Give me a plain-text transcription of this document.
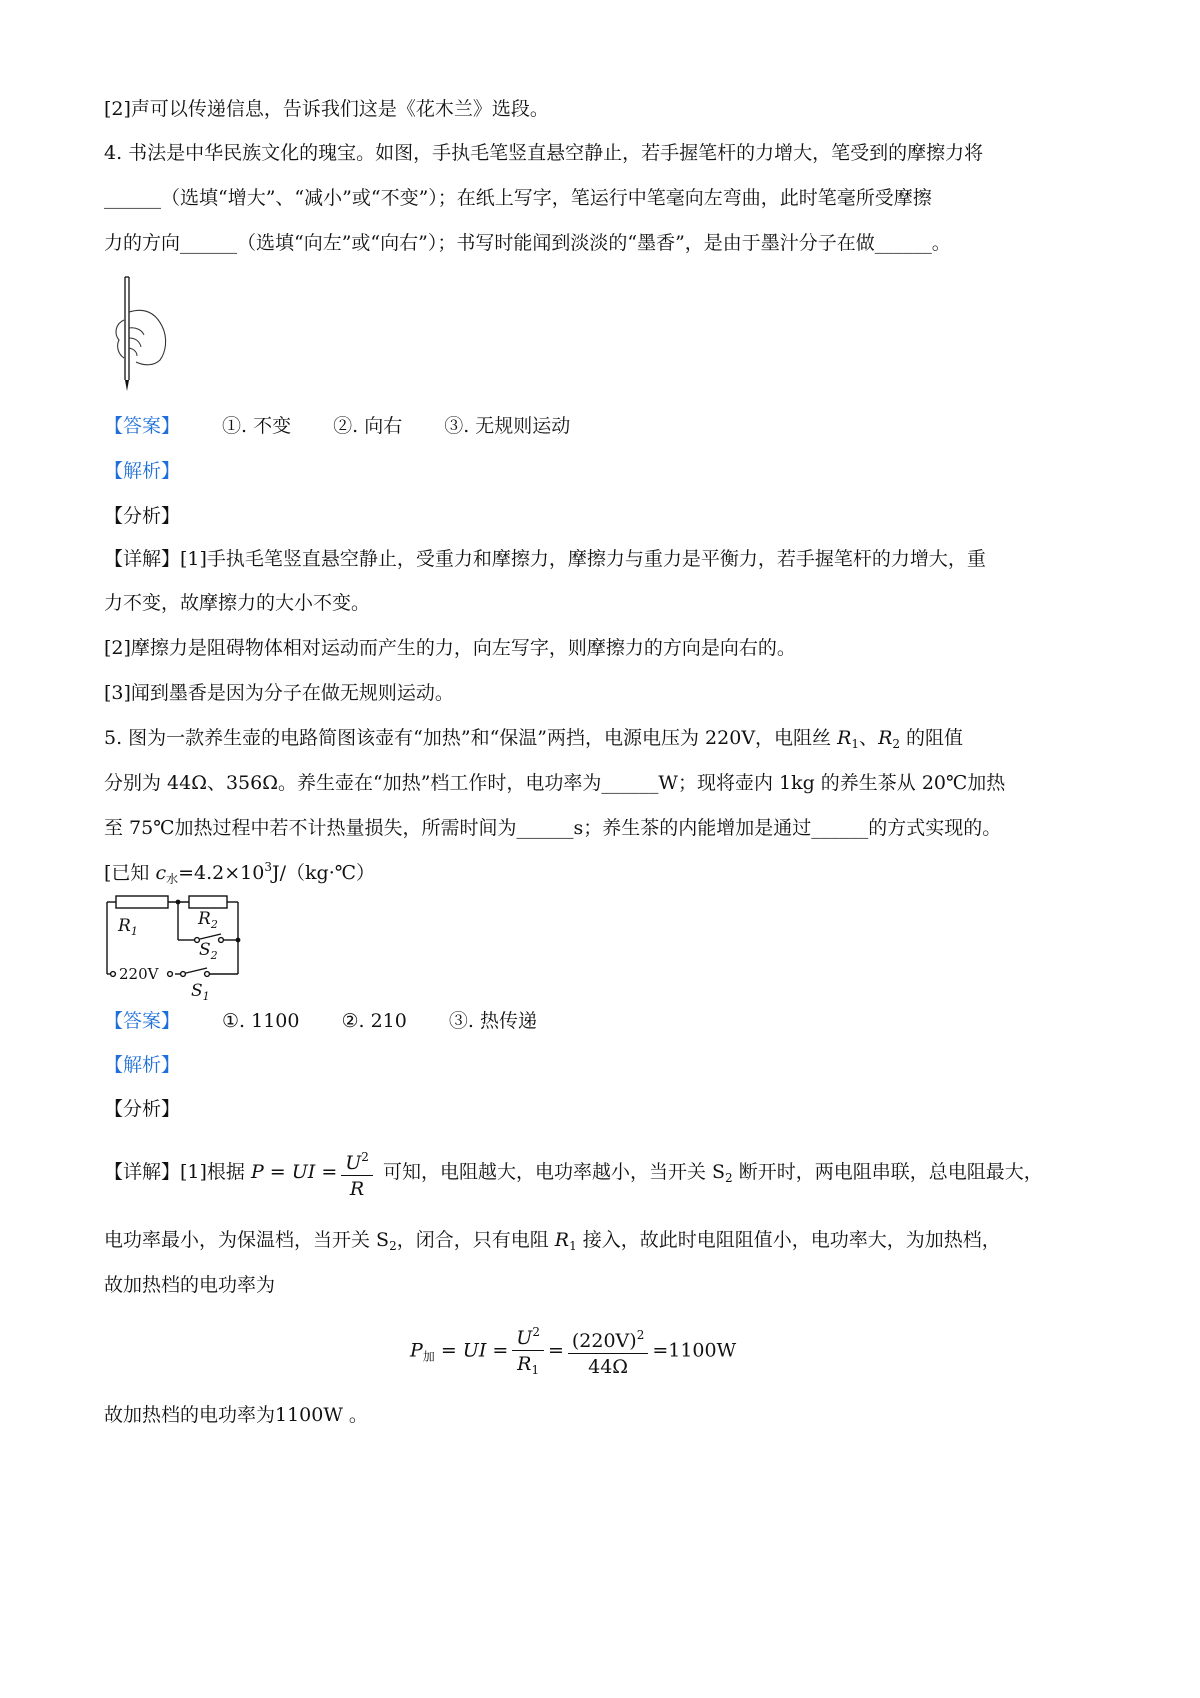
[2]声可以传递信息，告诉我们这是《花木兰》选段。
4. 书法是中华民族文化的瑰宝。如图，手执毛笔竖直悬空静止，若手握笔杆的力增大，笔受到的摩擦力将
______（选填“增大”、“减小”或“不变”）；在纸上写字，笔运行中笔毫向左弯曲，此时笔毫所受摩擦
力的方向______（选填“向左”或“向右”）；书写时能闻到淡淡的“墨香”，是由于墨汁分子在做______。
【答案】 ①. 不变 ②. 向右 ③. 无规则运动
【解析】
【分析】
【详解】[1]手执毛笔竖直悬空静止，受重力和摩擦力，摩擦力与重力是平衡力，若手握笔杆的力增大，重
力不变，故摩擦力的大小不变。
[2]摩擦力是阻碍物体相对运动而产生的力，向左写字，则摩擦力的方向是向右的。
[3]闻到墨香是因为分子在做无规则运动。
5. 图为一款养生壶的电路简图该壶有“加热”和“保温”两挡，电源电压为 220V，电阻丝 $R_1$、$R_2$ 的阻值
分别为 44Ω、356Ω。养生壶在“加热”档工作时，电功率为______W；现将壶内 1kg 的养生茶从 20℃加热
至 75℃加热过程中若不计热量损失，所需时间为______s；养生茶的内能增加是通过______的方式实现的。
[已知 $c_水=4.2\times 10^3J/(kg\cdot℃)$
$R_1$
$R_2$
$S_2$
$S_1$
220V
【答案】 ①. 1100 ②. 210 ③. 热传递
【解析】
【分析】
【详解】[1]根据 P = UI = $\frac{U^2}{R}$ 可知，电阻越大，电功率越小，当开关 $S_2$ 断开时，两电阻串联，总电阻最大，
电功率最小，为保温档，当开关 $S_2$，闭合，只有电阻 $R_1$ 接入，故此时电阻阻值小，电功率大，为加热档，
故加热档的电功率为
$P_加$ = UI = $\frac{U^2}{R_1} = \frac{(220V)^2}{44\Omega} =1100W$
故加热档的电功率为1100W 。
